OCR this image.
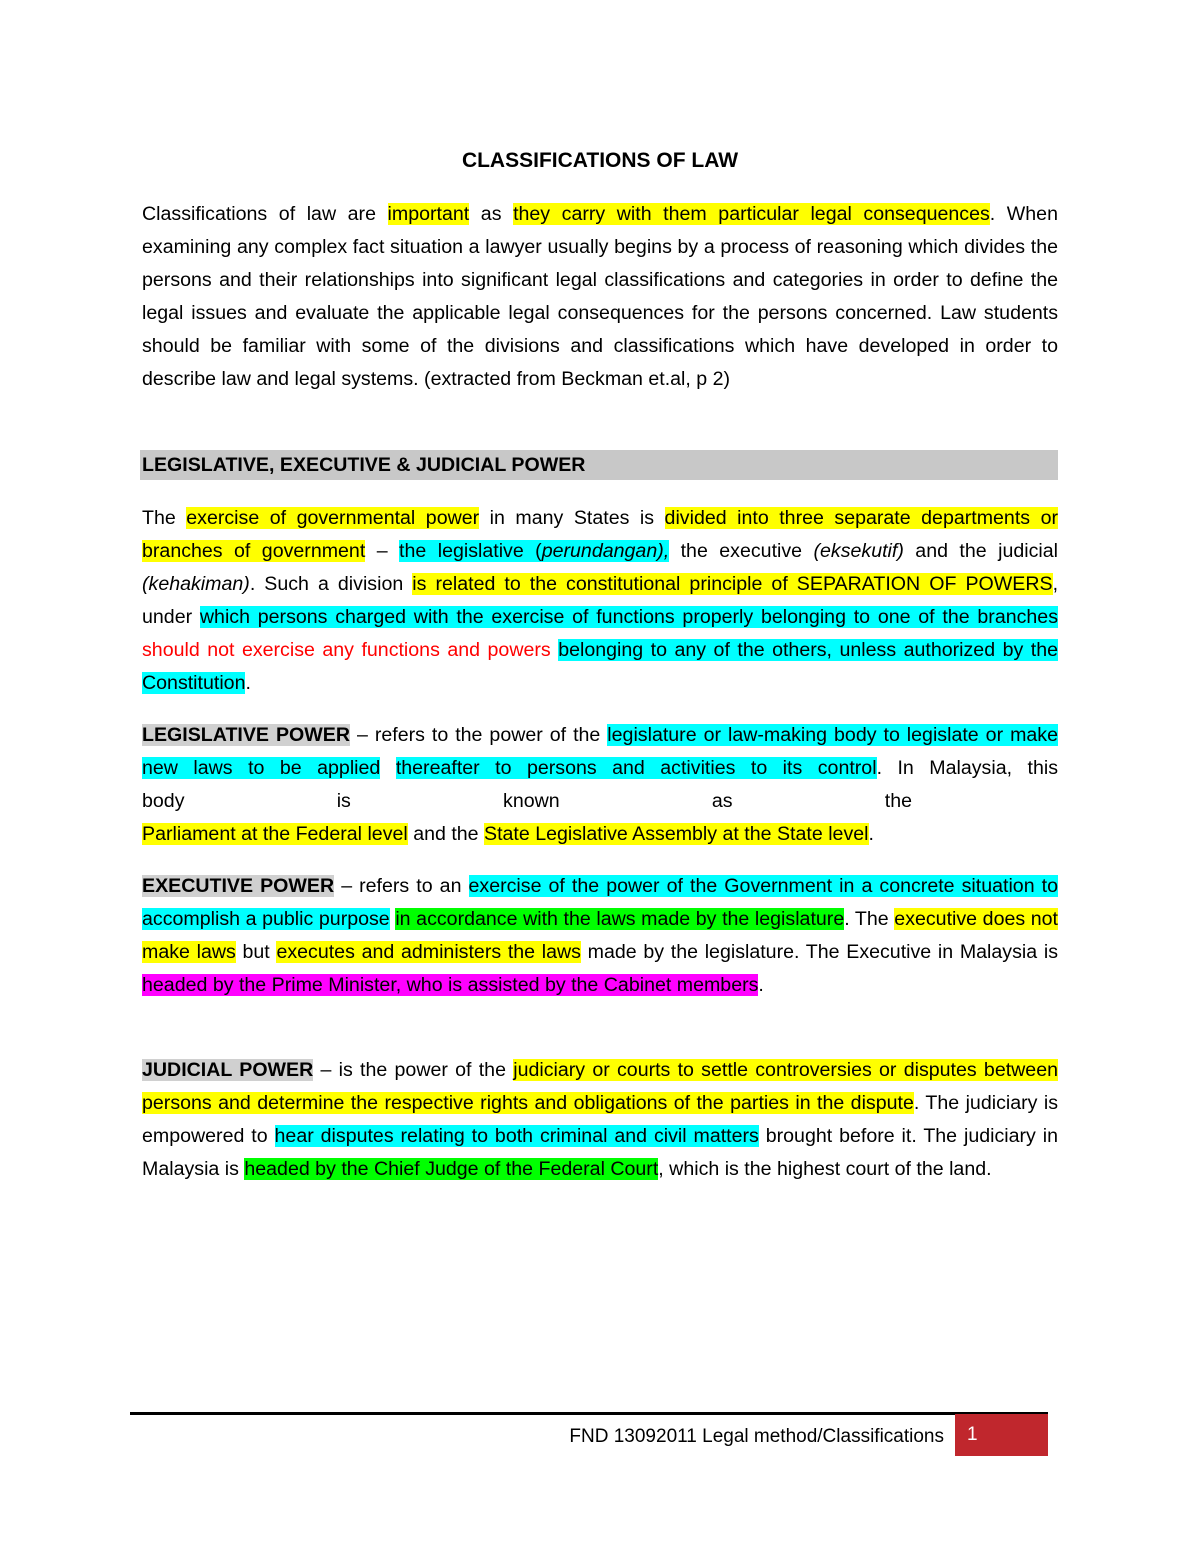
CLASSIFICATIONS OF LAW

Classifications of law are important as they carry with them particular legal consequences. When examining any complex fact situation a lawyer usually begins by a process of reasoning which divides the persons and their relationships into significant legal classifications and categories in order to define the legal issues and evaluate the applicable legal consequences for the persons concerned. Law students should be familiar with some of the divisions and classifications which have developed in order to describe law and legal systems. (extracted from Beckman et.al, p 2)

LEGISLATIVE, EXECUTIVE & JUDICIAL POWER

The exercise of governmental power in many States is divided into three separate departments or branches of government – the legislative (perundangan), the executive (eksekutif) and the judicial (kehakiman). Such a division is related to the constitutional principle of SEPARATION OF POWERS, under which persons charged with the exercise of functions properly belonging to one of the branches should not exercise any functions and powers belonging to any of the others, unless authorized by the Constitution.

LEGISLATIVE POWER – refers to the power of the legislature or law-making body to legislate or make new laws to be applied thereafter to persons and activities to its control. In Malaysia, this
body	is	known	as	the
Parliament at the Federal level and the State Legislative Assembly at the State level.

EXECUTIVE POWER – refers to an exercise of the power of the Government in a concrete situation to accomplish a public purpose in accordance with the laws made by the legislature. The executive does not make laws but executes and administers the laws made by the legislature. The Executive in Malaysia is headed by the Prime Minister, who is assisted by the Cabinet members.

JUDICIAL POWER – is the power of the judiciary or courts to settle controversies or disputes between persons and determine the respective rights and obligations of the parties in the dispute. The judiciary is empowered to hear disputes relating to both criminal and civil matters brought before it. The judiciary in Malaysia is headed by the Chief Judge of the Federal Court, which is the highest court of the land.

FND 13092011 Legal method/Classifications	1
